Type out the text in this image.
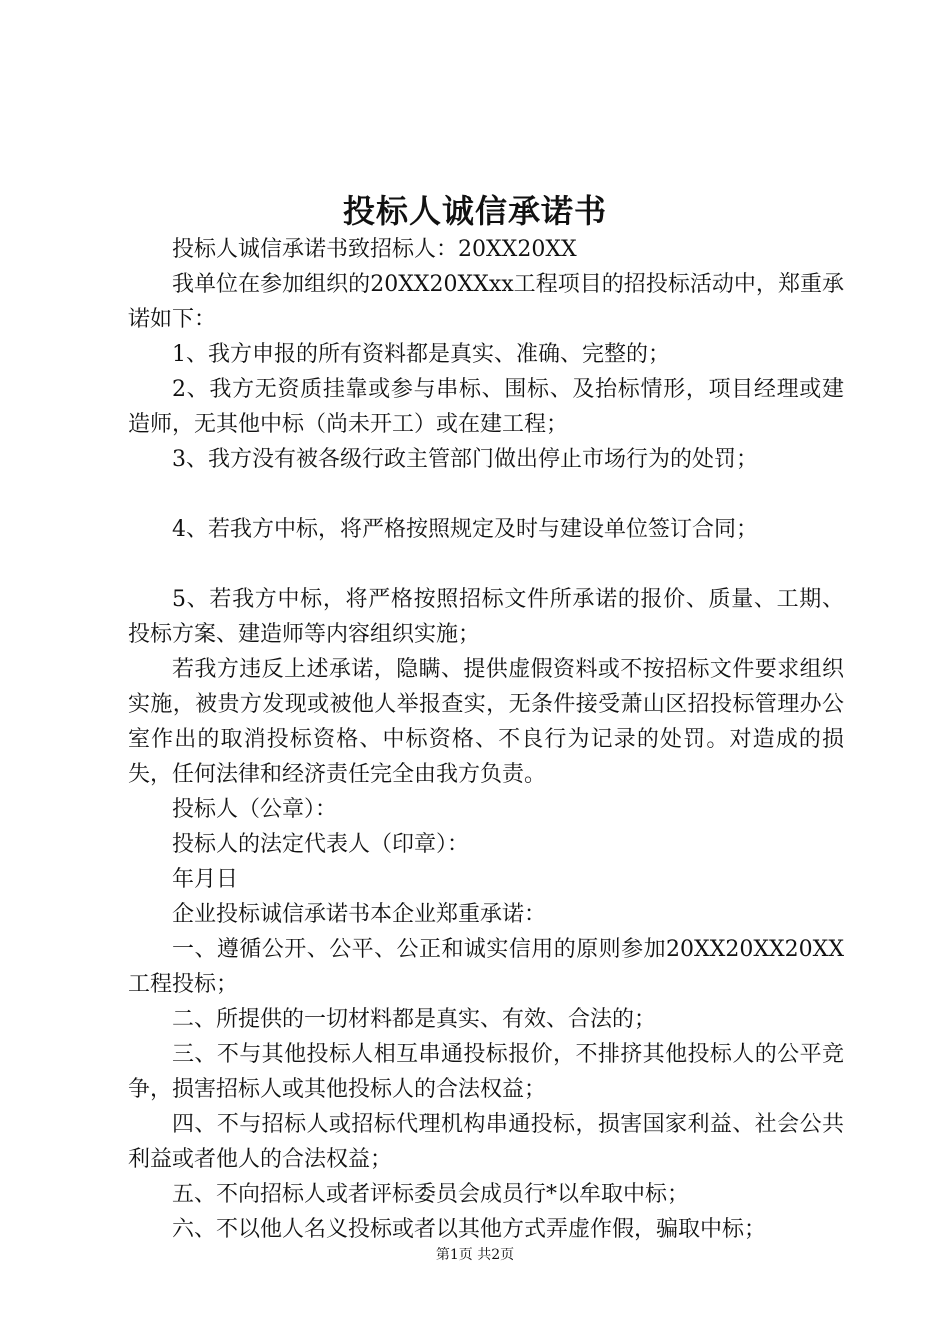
投标人诚信承诺书

投标人诚信承诺书致招标人：20XX20XX

我单位在参加组织的20XX20XXxx工程项目的招投标活动中，郑重承诺如下：

1、我方申报的所有资料都是真实、准确、完整的；

2、我方无资质挂靠或参与串标、围标、及抬标情形，项目经理或建造师，无其他中标（尚未开工）或在建工程；

3、我方没有被各级行政主管部门做出停止市场行为的处罚；

4、若我方中标，将严格按照规定及时与建设单位签订合同；

5、若我方中标，将严格按照招标文件所承诺的报价、质量、工期、投标方案、建造师等内容组织实施；

若我方违反上述承诺，隐瞒、提供虚假资料或不按招标文件要求组织实施，被贵方发现或被他人举报查实，无条件接受萧山区招投标管理办公室作出的取消投标资格、中标资格、不良行为记录的处罚。对造成的损失，任何法律和经济责任完全由我方负责。

投标人（公章）：

投标人的法定代表人（印章）：

年月日

企业投标诚信承诺书本企业郑重承诺：

一、遵循公开、公平、公正和诚实信用的原则参加20XX20XX20XX工程投标；

二、所提供的一切材料都是真实、有效、合法的；

三、不与其他投标人相互串通投标报价，不排挤其他投标人的公平竞争，损害招标人或其他投标人的合法权益；

四、不与招标人或招标代理机构串通投标，损害国家利益、社会公共利益或者他人的合法权益；

五、不向招标人或者评标委员会成员行*以牟取中标；

六、不以他人名义投标或者以其他方式弄虚作假，骗取中标；

第1页 共2页
